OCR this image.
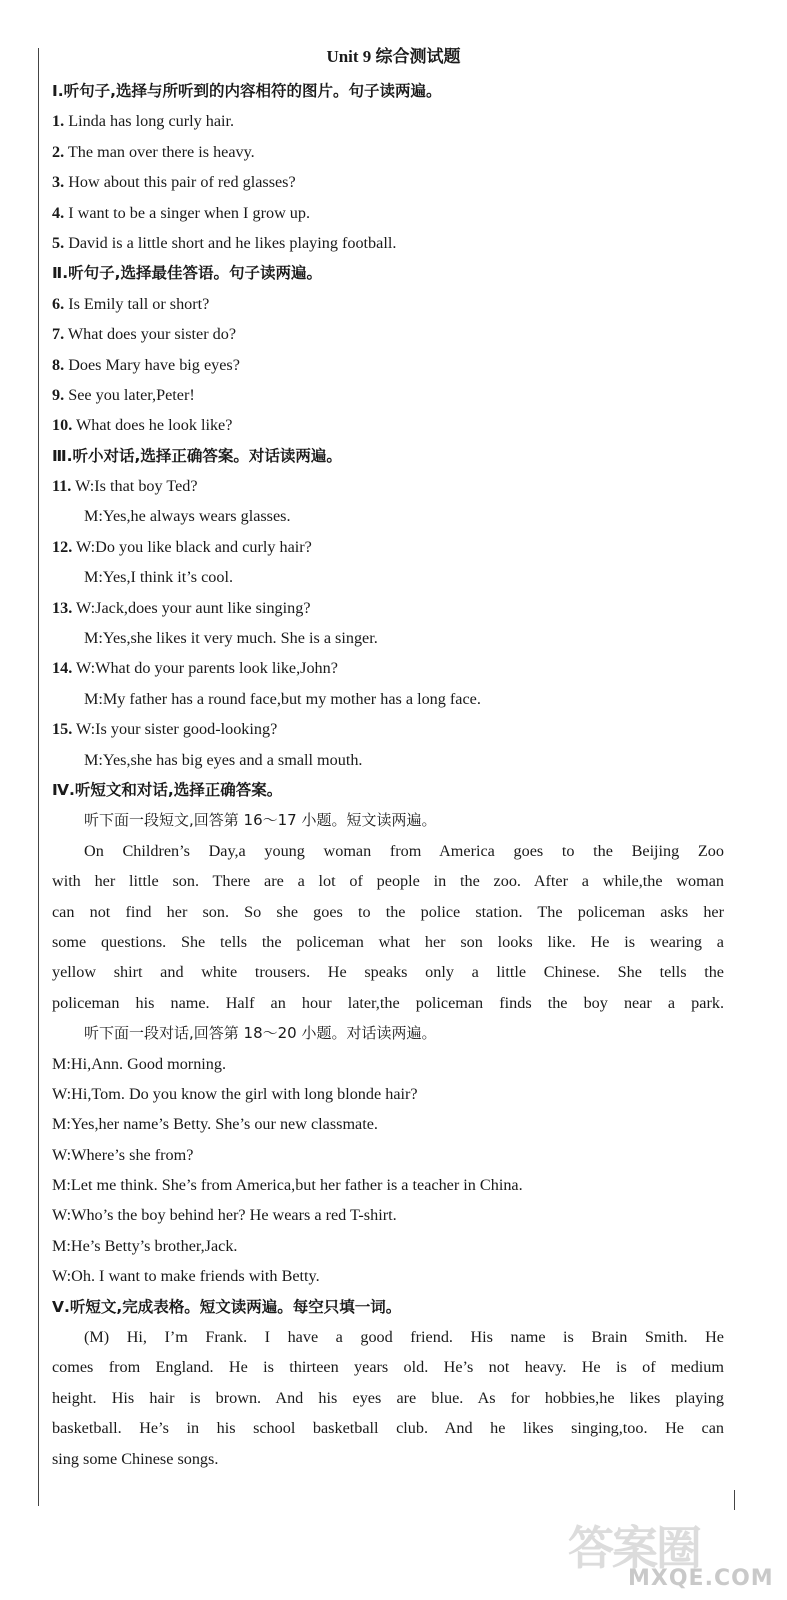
Unit 9 综合测试题
Ⅰ.听句子,选择与所听到的内容相符的图片。句子读两遍。
1. Linda has long curly hair.
2. The man over there is heavy.
3. How about this pair of red glasses?
4. I want to be a singer when I grow up.
5. David is a little short and he likes playing football.
Ⅱ.听句子,选择最佳答语。句子读两遍。
6. Is Emily tall or short?
7. What does your sister do?
8. Does Mary have big eyes?
9. See you later,Peter!
10. What does he look like?
Ⅲ.听小对话,选择正确答案。对话读两遍。
11. W:Is that boy Ted?
M:Yes,he always wears glasses.
12. W:Do you like black and curly hair?
M:Yes,I think it’s cool.
13. W:Jack,does your aunt like singing?
M:Yes,she likes it very much. She is a singer.
14. W:What do your parents look like,John?
M:My father has a round face,but my mother has a long face.
15. W:Is your sister good-looking?
M:Yes,she has big eyes and a small mouth.
Ⅳ.听短文和对话,选择正确答案。
听下面一段短文,回答第 16～17 小题。短文读两遍。
On Children’s Day,a young woman from America goes to the Beijing Zoo
with her little son. There are a lot of people in the zoo. After a while,the woman
can not find her son. So she goes to the police station. The policeman asks her
some questions. She tells the policeman what her son looks like. He is wearing a
yellow shirt and white trousers. He speaks only a little Chinese. She tells the
policeman his name. Half an hour later,the policeman finds the boy near a park.
听下面一段对话,回答第 18～20 小题。对话读两遍。
M:Hi,Ann. Good morning.
W:Hi,Tom. Do you know the girl with long blonde hair?
M:Yes,her name’s Betty. She’s our new classmate.
W:Where’s she from?
M:Let me think. She’s from America,but her father is a teacher in China.
W:Who’s the boy behind her? He wears a red T-shirt.
M:He’s Betty’s brother,Jack.
W:Oh. I want to make friends with Betty.
Ⅴ.听短文,完成表格。短文读两遍。每空只填一词。
(M) Hi, I’m Frank. I have a good friend. His name is Brain Smith. He
comes from England. He is thirteen years old. He’s not heavy. He is of medium
height. His hair is brown. And his eyes are blue. As for hobbies,he likes playing
basketball. He’s in his school basketball club. And he likes singing,too. He can
sing some Chinese songs.
答案圈
MXQE.COM
